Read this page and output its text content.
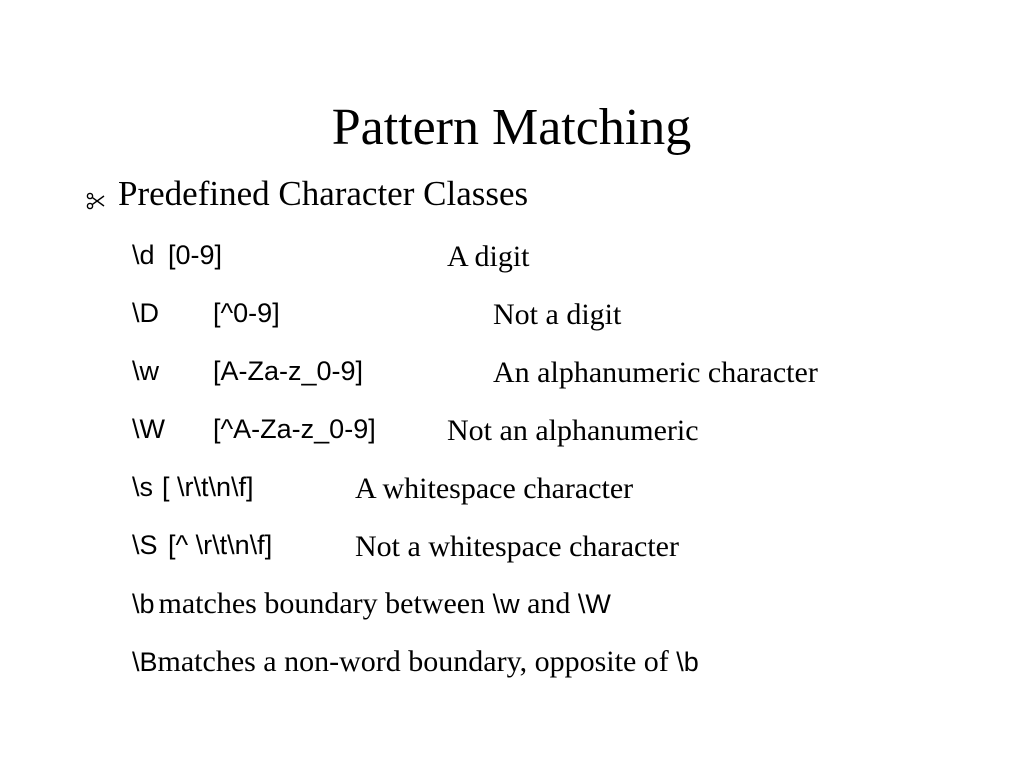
Pattern Matching
Predefined Character Classes
\d [0-9]	A digit
\D [^0-9]	Not a digit
\w [A-Za-z_0-9]	An alphanumeric character
\W [^A-Za-z_0-9] Not an alphanumeric
\s [ \r\t\n\f]	A whitespace character
\S [^ \r\t\n\f]	Not a whitespace character
\b matches boundary between \w and \W
\Bmatches a non-word boundary, opposite of \b
